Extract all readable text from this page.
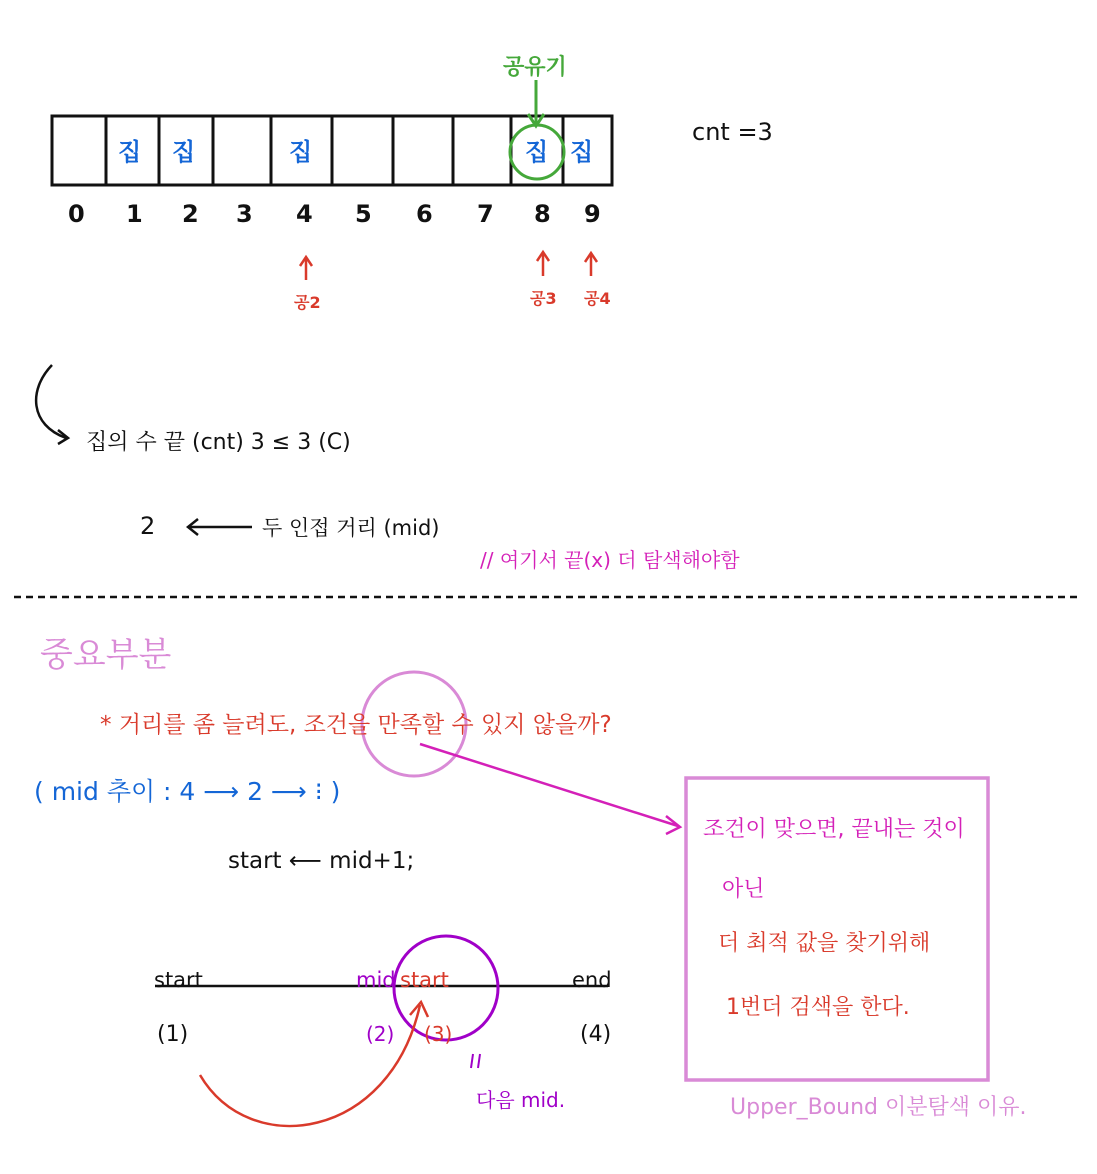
공유기
집 집	집	집 집
0 1 2 3 4 5 6 7 8 9
cnt =3
공2	공3 공4
집의 수 끝 (cnt) 3 ≤ 3 (C)
2	두 인접 거리 (mid)
// 여기서 끝(x) 더 탐색해야함
중요부분
* 거리를 좀 늘려도, 조건을 만족할 수 있지 않을까?
( mid 추이 : 4 ⟶ 2 ⟶ ⁝ )
start ⟵ mid+1;
start	mid start	end
(1)	(2) (3)	(4)
다음 mid.
조건이 맞으면, 끝내는 것이
아닌
더 최적 값을 찾기위해
1번더 검색을 한다.
Upper_Bound 이분탐색 이유.
